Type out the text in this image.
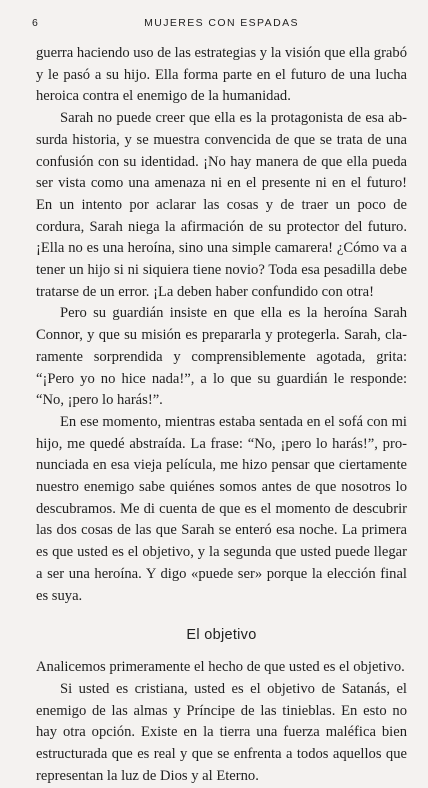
6	MUJERES CON ESPADAS

guerra haciendo uso de las estrategias y la visión que ella grabó y le pasó a su hijo. Ella forma parte en el futuro de una lucha heroica contra el enemigo de la humanidad.

Sarah no puede creer que ella es la protagonista de esa absurda historia, y se muestra convencida de que se trata de una confusión con su identidad. ¡No hay manera de que ella pueda ser vista como una amenaza ni en el presente ni en el futuro! En un intento por aclarar las cosas y de traer un poco de cordura, Sarah niega la afirmación de su protector del futuro. ¡Ella no es una heroína, sino una simple camarera! ¿Cómo va a tener un hijo si ni siquiera tiene novio? Toda esa pesadilla debe tratarse de un error. ¡La deben haber confundido con otra!

Pero su guardián insiste en que ella es la heroína Sarah Connor, y que su misión es prepararla y protegerla. Sarah, claramente sorprendida y comprensiblemente agotada, grita: “¡Pero yo no hice nada!”, a lo que su guardián le responde: “No, ¡pero lo harás!”.

En ese momento, mientras estaba sentada en el sofá con mi hijo, me quedé abstraída. La frase: “No, ¡pero lo harás!”, pronunciada en esa vieja película, me hizo pensar que ciertamente nuestro enemigo sabe quiénes somos antes de que nosotros lo descubramos. Me di cuenta de que es el momento de descubrir las dos cosas de las que Sarah se enteró esa noche. La primera es que usted es el objetivo, y la segunda que usted puede llegar a ser una heroína. Y digo «puede ser» porque la elección final es suya.

El objetivo

Analicemos primeramente el hecho de que usted es el objetivo.

Si usted es cristiana, usted es el objetivo de Satanás, el enemigo de las almas y Príncipe de las tinieblas. En esto no hay otra opción. Existe en la tierra una fuerza maléfica bien estructurada que es real y que se enfrenta a todos aquellos que representan la luz de Dios y al Eterno.
